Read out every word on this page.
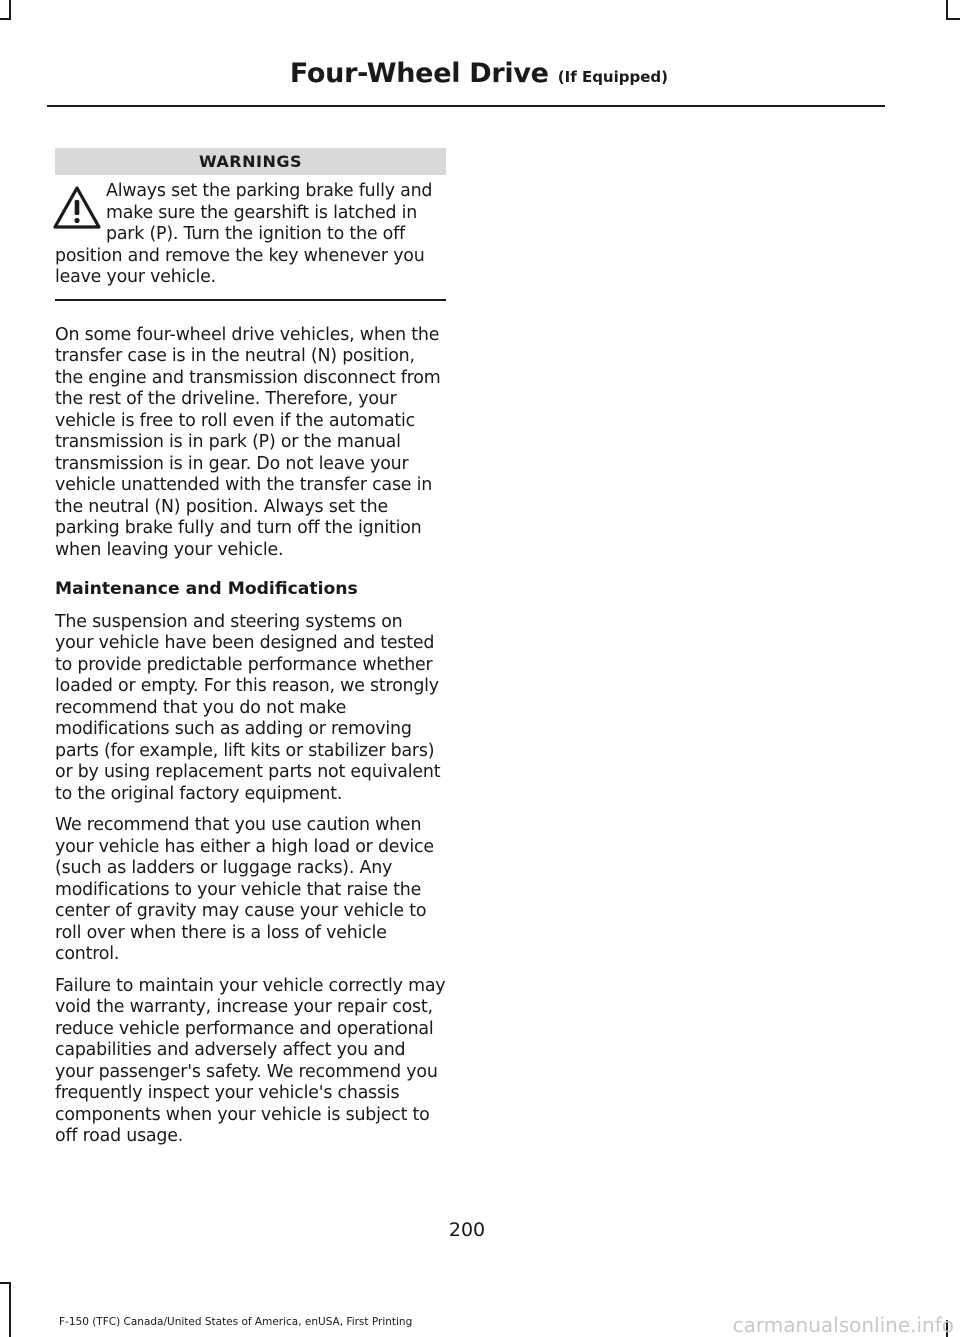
Four-Wheel Drive (If Equipped)
WARNINGS
Always set the parking brake fully and make sure the gearshift is latched in park (P). Turn the ignition to the off position and remove the key whenever you leave your vehicle.

On some four-wheel drive vehicles, when the transfer case is in the neutral (N) position, the engine and transmission disconnect from the rest of the driveline. Therefore, your vehicle is free to roll even if the automatic transmission is in park (P) or the manual transmission is in gear. Do not leave your vehicle unattended with the transfer case in the neutral (N) position. Always set the parking brake fully and turn off the ignition when leaving your vehicle.

Maintenance and Modifications

The suspension and steering systems on your vehicle have been designed and tested to provide predictable performance whether loaded or empty. For this reason, we strongly recommend that you do not make modifications such as adding or removing parts (for example, lift kits or stabilizer bars) or by using replacement parts not equivalent to the original factory equipment.

We recommend that you use caution when your vehicle has either a high load or device (such as ladders or luggage racks). Any modifications to your vehicle that raise the center of gravity may cause your vehicle to roll over when there is a loss of vehicle control.

Failure to maintain your vehicle correctly may void the warranty, increase your repair cost, reduce vehicle performance and operational capabilities and adversely affect you and your passenger's safety. We recommend you frequently inspect your vehicle's chassis components when your vehicle is subject to off road usage.

200
F-150 (TFC) Canada/United States of America, enUSA, First Printing	carmanualsonline.info
